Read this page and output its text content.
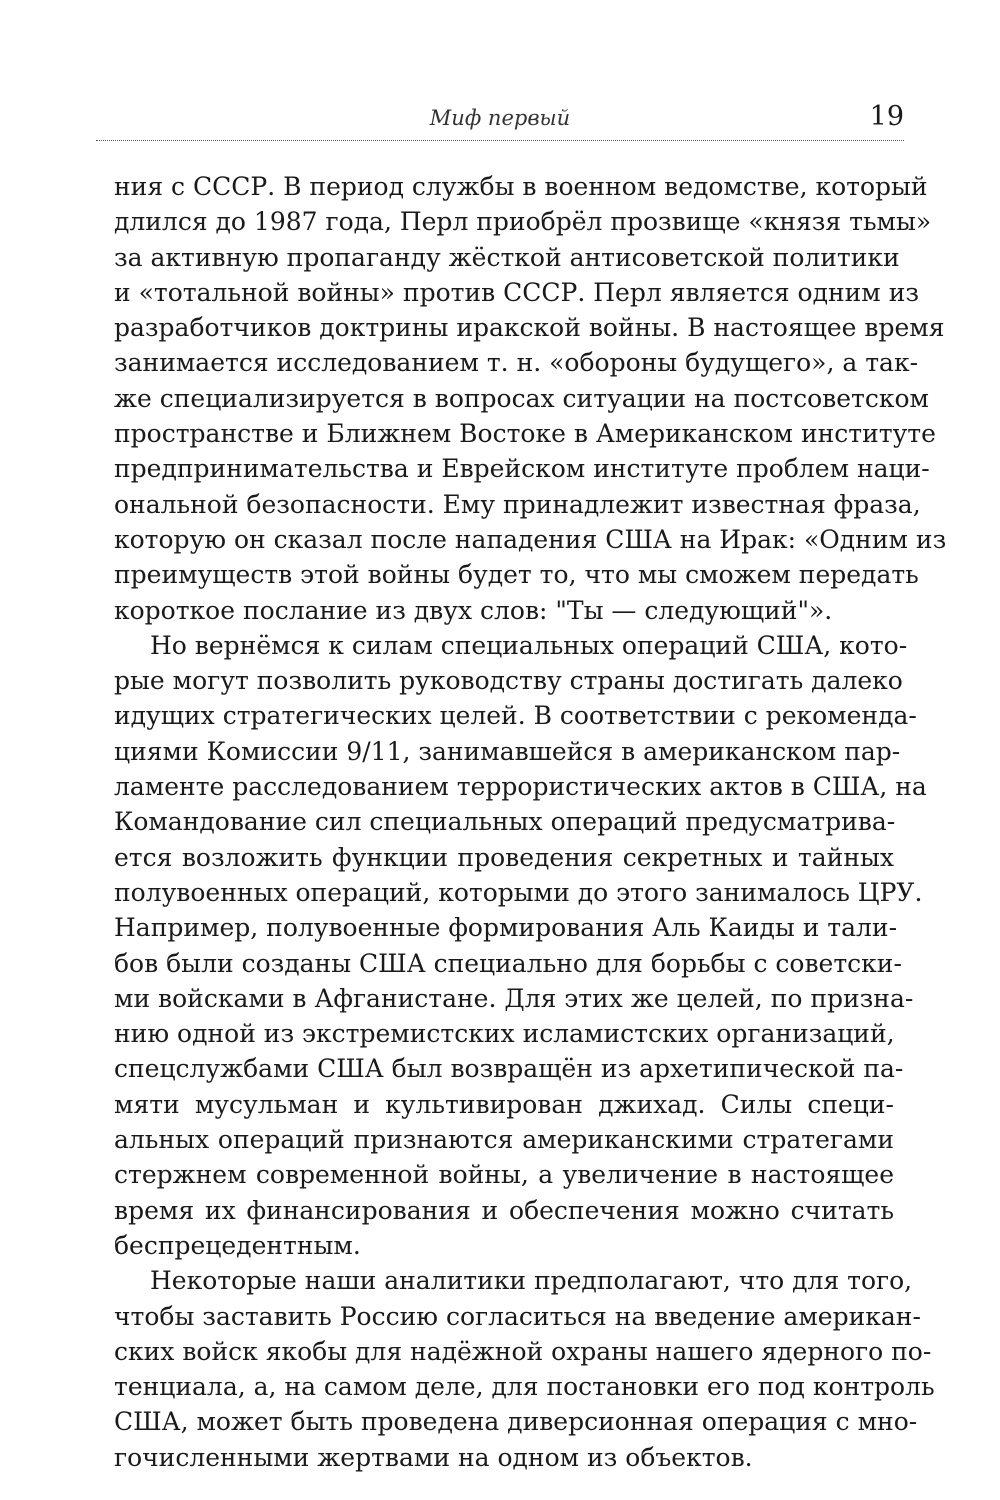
Миф первый	19
ния с СССР. В период службы в военном ведомстве, который
длился до 1987 года, Перл приобрёл прозвище «князя тьмы»
за активную пропаганду жёсткой антисоветской политики
и «тотальной войны» против СССР. Перл является одним из
разработчиков доктрины иракской войны. В настоящее время
занимается исследованием т. н. «обороны будущего», а так-
же специализируется в вопросах ситуации на постсоветском
пространстве и Ближнем Востоке в Американском институте
предпринимательства и Еврейском институте проблем наци-
ональной безопасности. Ему принадлежит известная фраза,
которую он сказал после нападения США на Ирак: «Одним из
преимуществ этой войны будет то, что мы сможем передать
короткое послание из двух слов: "Ты — следующий"».
Но вернёмся к силам специальных операций США, кото-
рые могут позволить руководству страны достигать далеко
идущих стратегических целей. В соответствии с рекоменда-
циями Комиссии 9/11, занимавшейся в американском пар-
ламенте расследованием террористических актов в США, на
Командование сил специальных операций предусматрива-
ется возложить функции проведения секретных и тайных
полувоенных операций, которыми до этого занималось ЦРУ.
Например, полувоенные формирования Аль Каиды и тали-
бов были созданы США специально для борьбы с советски-
ми войсками в Афганистане. Для этих же целей, по призна-
нию одной из экстремистских исламистских организаций,
спецслужбами США был возвращён из архетипической па-
мяти мусульман и культивирован джихад. Силы специ-
альных операций признаются американскими стратегами
стержнем современной войны, а увеличение в настоящее
время их финансирования и обеспечения можно считать
беспрецедентным.
Некоторые наши аналитики предполагают, что для того,
чтобы заставить Россию согласиться на введение американ-
ских войск якобы для надёжной охраны нашего ядерного по-
тенциала, а, на самом деле, для постановки его под контроль
США, может быть проведена диверсионная операция с мно-
гочисленными жертвами на одном из объектов.
